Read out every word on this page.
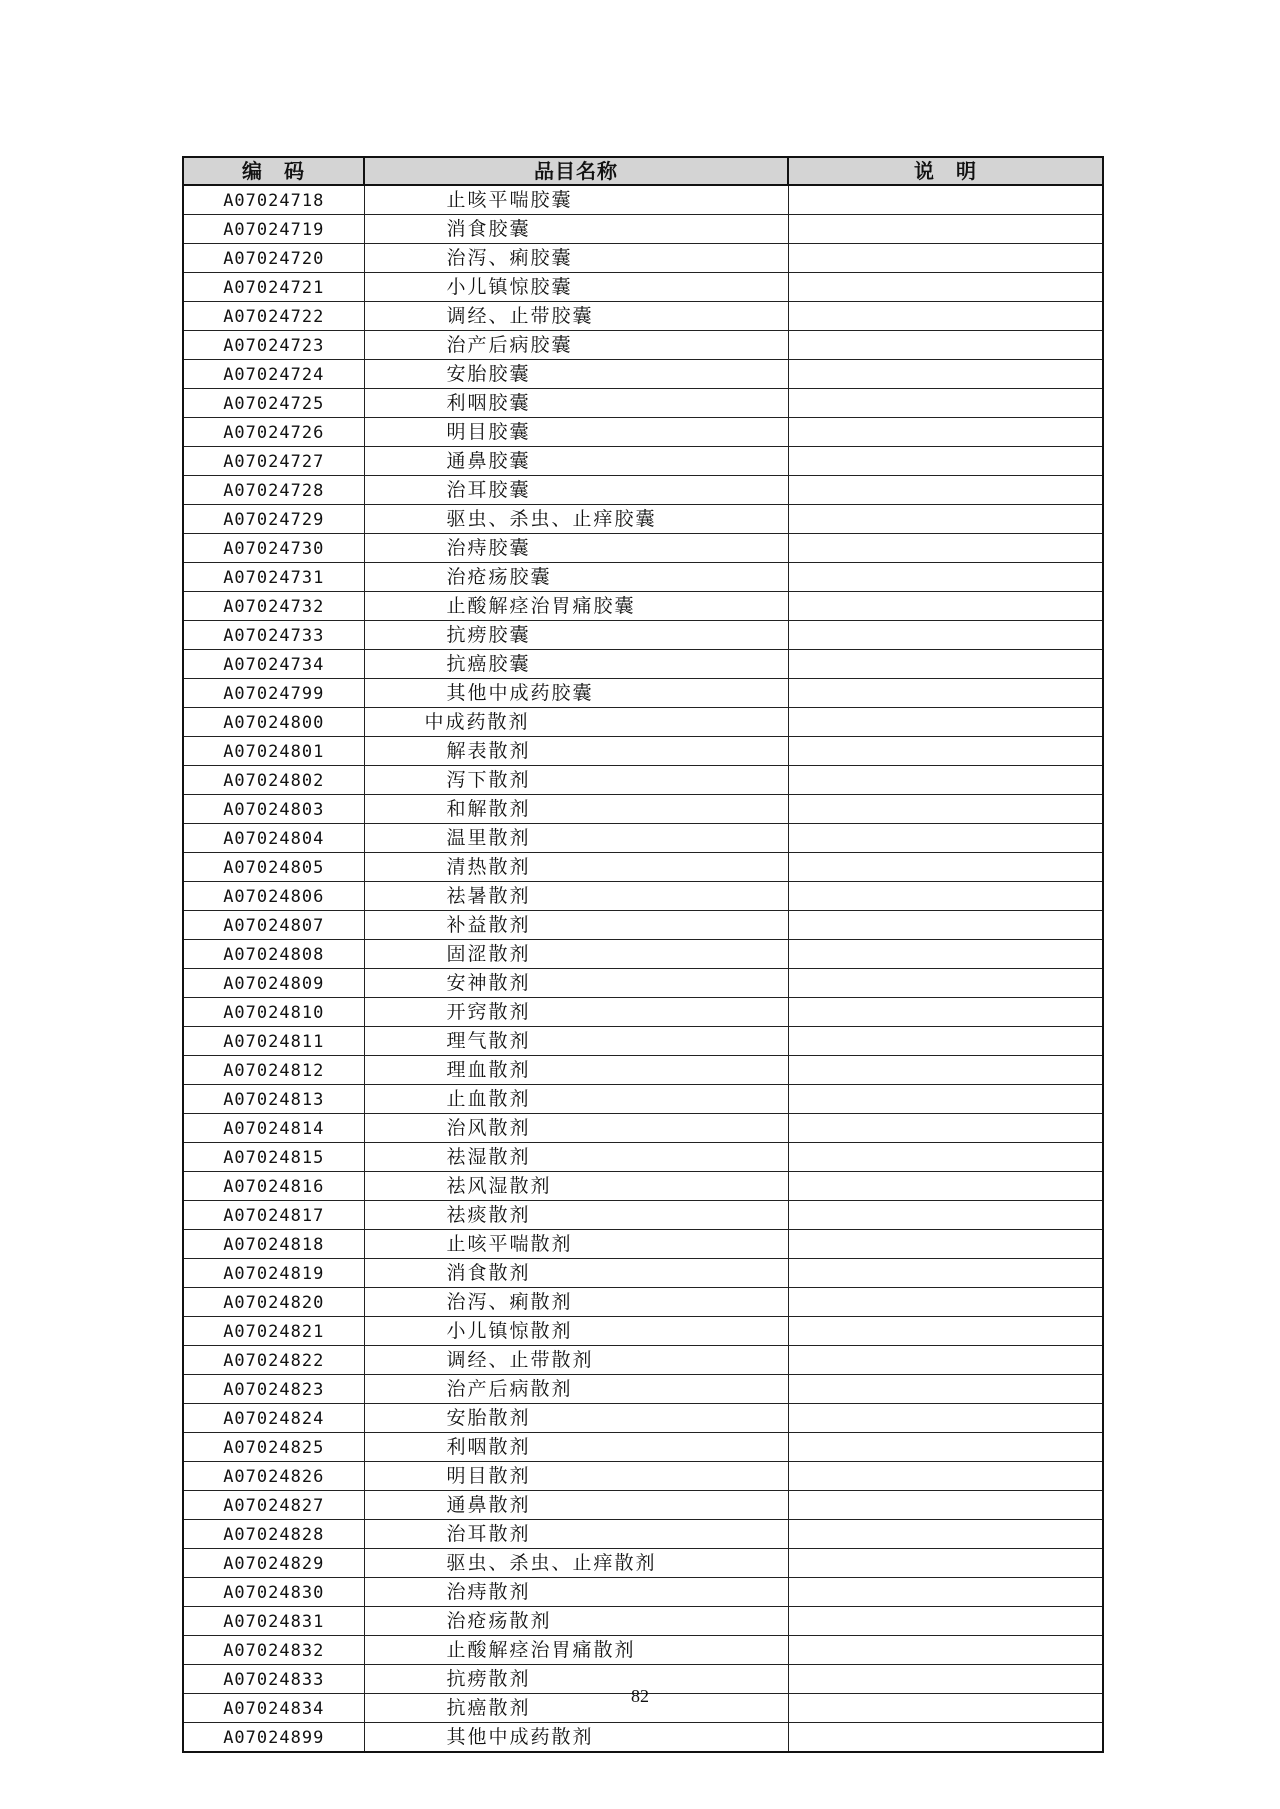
编　码	品目名称	说　明
A07024718	止咳平喘胶囊	
A07024719	消食胶囊	
A07024720	治泻、痢胶囊	
A07024721	小儿镇惊胶囊	
A07024722	调经、止带胶囊	
A07024723	治产后病胶囊	
A07024724	安胎胶囊	
A07024725	利咽胶囊	
A07024726	明目胶囊	
A07024727	通鼻胶囊	
A07024728	治耳胶囊	
A07024729	驱虫、杀虫、止痒胶囊	
A07024730	治痔胶囊	
A07024731	治疮疡胶囊	
A07024732	止酸解痉治胃痛胶囊	
A07024733	抗痨胶囊	
A07024734	抗癌胶囊	
A07024799	其他中成药胶囊	
A07024800	中成药散剂	
A07024801	解表散剂	
A07024802	泻下散剂	
A07024803	和解散剂	
A07024804	温里散剂	
A07024805	清热散剂	
A07024806	祛暑散剂	
A07024807	补益散剂	
A07024808	固涩散剂	
A07024809	安神散剂	
A07024810	开窍散剂	
A07024811	理气散剂	
A07024812	理血散剂	
A07024813	止血散剂	
A07024814	治风散剂	
A07024815	祛湿散剂	
A07024816	祛风湿散剂	
A07024817	祛痰散剂	
A07024818	止咳平喘散剂	
A07024819	消食散剂	
A07024820	治泻、痢散剂	
A07024821	小儿镇惊散剂	
A07024822	调经、止带散剂	
A07024823	治产后病散剂	
A07024824	安胎散剂	
A07024825	利咽散剂	
A07024826	明目散剂	
A07024827	通鼻散剂	
A07024828	治耳散剂	
A07024829	驱虫、杀虫、止痒散剂	
A07024830	治痔散剂	
A07024831	治疮疡散剂	
A07024832	止酸解痉治胃痛散剂	
A07024833	抗痨散剂	
A07024834	抗癌散剂	
A07024899	其他中成药散剂	
82
